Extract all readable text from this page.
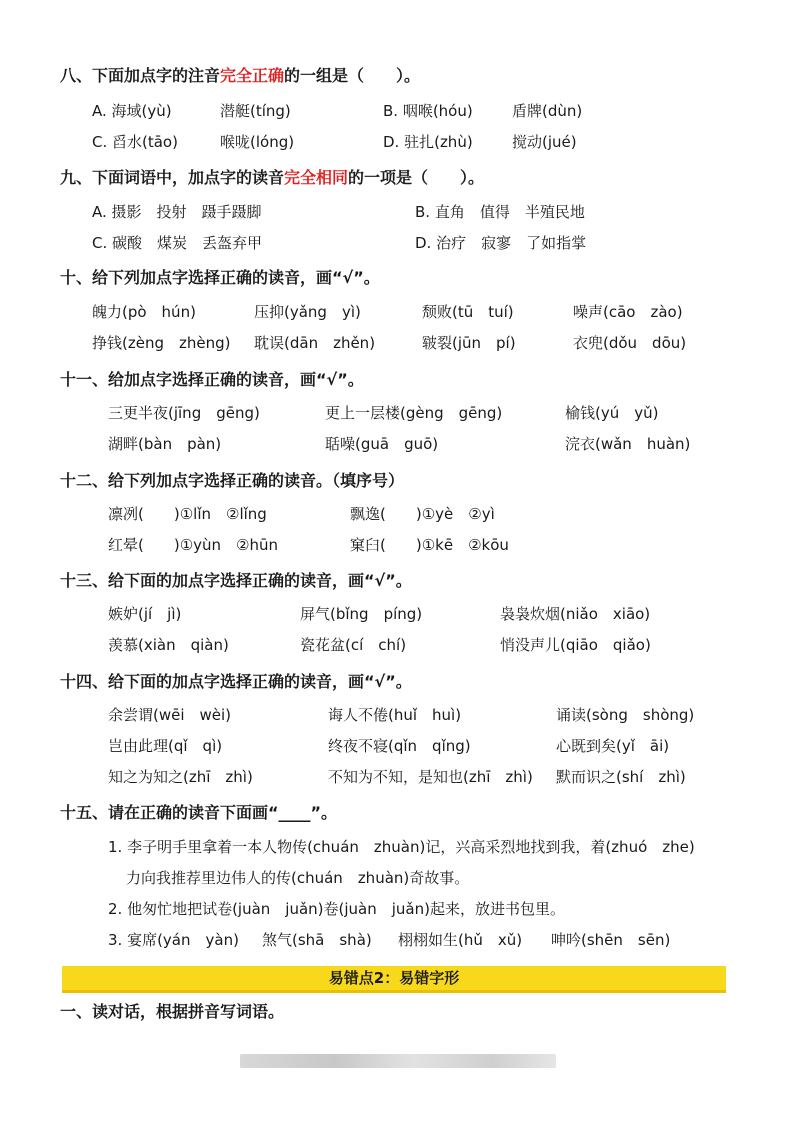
八、下面加点字的注音完全正确的一组是（　　）。
A. 海域(yù)	潜艇(tíng)	B. 咽喉(hóu)	盾牌(dùn)
C. 舀水(tāo)	喉咙(lóng)	D. 驻扎(zhù)	搅动(jué)
九、下面词语中，加点字的读音完全相同的一项是（　　）。
A. 摄影　投射　蹑手蹑脚	B. 直角　值得　半殖民地
C. 碳酸　煤炭　丢盔弃甲	D. 治疗　寂寥　了如指掌
十、给下列加点字选择正确的读音，画“√”。
魄力(pò　hún)	压抑(yǎng　yì)	颓败(tū　tuí)	噪声(cāo　zào)
挣钱(zèng　zhèng) 耽误(dān　zhěn)	皲裂(jūn　pí)	衣兜(dǒu　dōu)
十一、给加点字选择正确的读音，画“√”。
三更半夜(jīng　gēng)	更上一层楼(gèng　gēng)	榆钱(yú　yǔ)
湖畔(bàn　pàn)	聒噪(guā　guō)	浣衣(wǎn　huàn)
十二、给下列加点字选择正确的读音。（填序号）
凛冽(　　)①lǐn　②lǐng	飘逸(　　)①yè　②yì
红晕(　　)①yùn　②hūn	窠臼(　　)①kē　②kōu
十三、给下面的加点字选择正确的读音，画“√”。
嫉妒(jí　jì)	屏气(bǐng　píng)	袅袅炊烟(niǎo　xiāo)
羡慕(xiàn　qiàn)	瓷花盆(cí　chí)	悄没声儿(qiāo　qiǎo)
十四、给下面的加点字选择正确的读音，画“√”。
余尝谓(wēi　wèi)	诲人不倦(huǐ　huì)	诵读(sòng　shòng)
岂由此理(qǐ　qì)	终夜不寝(qǐn　qǐng)	心既到矣(yǐ　āi)
知之为知之(zhī　zhì)	不知为不知，是知也(zhī　zhì) 默而识之(shí　zhì)
十五、请在正确的读音下面画“____”。
1. 李子明手里拿着一本人物传(chuán　zhuàn)记，兴高采烈地找到我，着(zhuó　zhe)
力向我推荐里边伟人的传(chuán　zhuàn)奇故事。
2. 他匆忙地把试卷(juàn　juǎn)卷(juàn　juǎn)起来，放进书包里。
3. 宴席(yán　yàn) 煞气(shā　shà) 栩栩如生(hǔ　xǔ) 呻吟(shēn　sēn)
易错点2：易错字形
一、读对话，根据拼音写词语。
